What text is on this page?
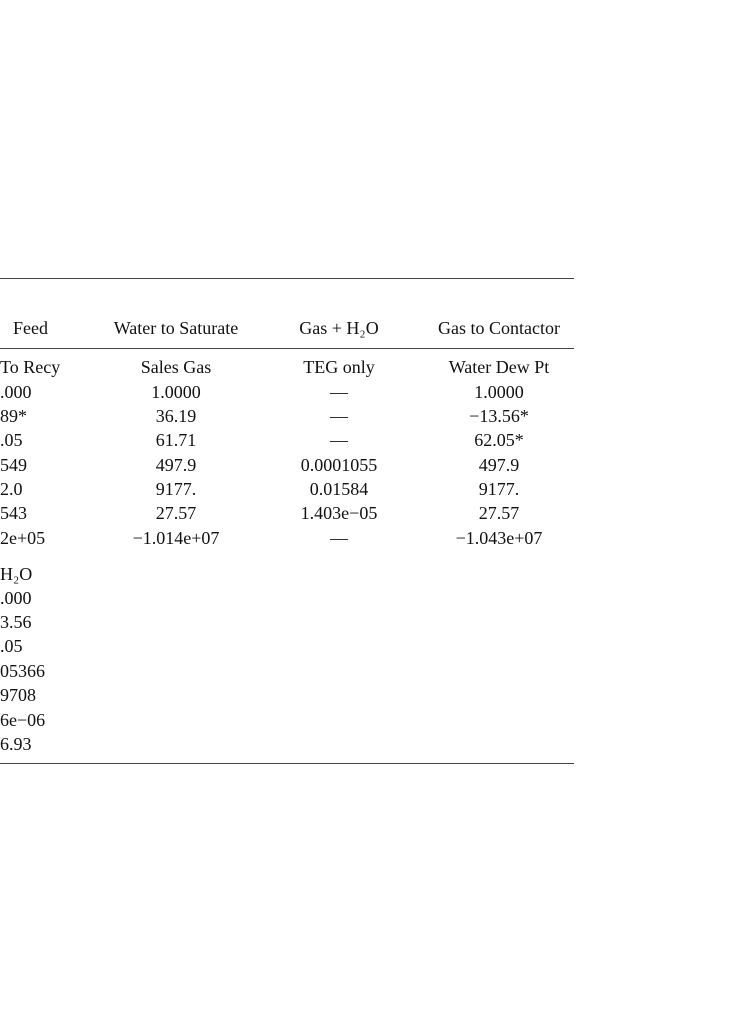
Feed	Water to Saturate	Gas + H₂O	Gas to Contactor
To Recy	Sales Gas	TEG only	Water Dew Pt
.000	1.0000	—	1.0000
89*	36.19	—	−13.56*
.05	61.71	—	62.05*
549	497.9	0.0001055	497.9
2.0	9177.	0.01584	9177.
543	27.57	1.403e−05	27.57
2e+05	−1.014e+07	—	−1.043e+07
H₂O
.000
3.56
.05
05366
9708
6e−06
6.93
